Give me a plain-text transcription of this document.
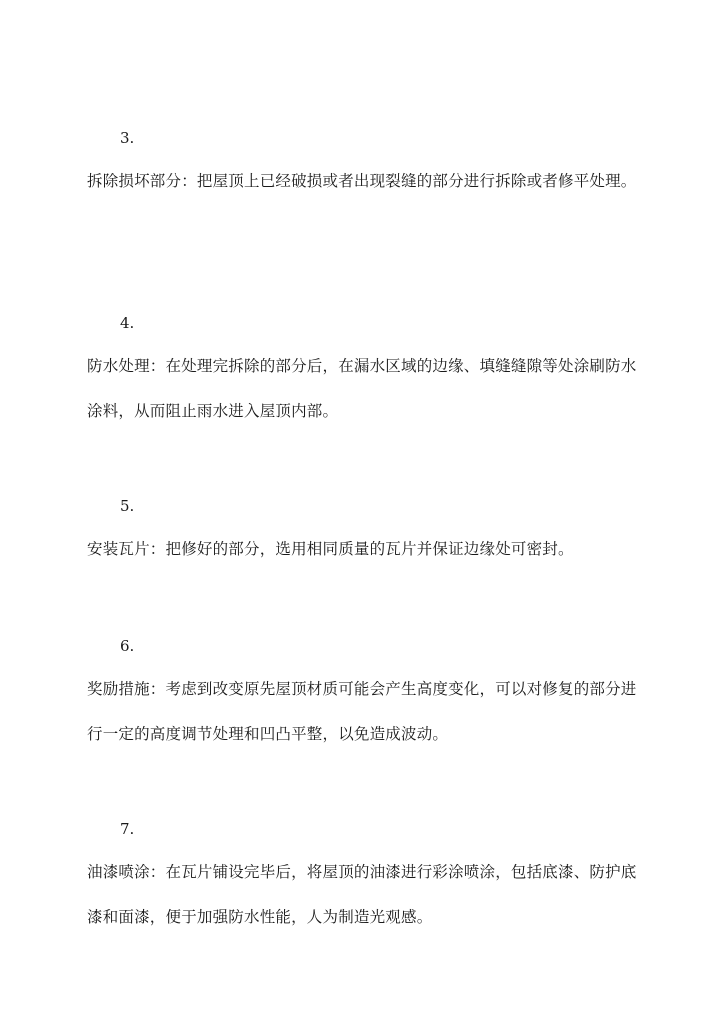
3.
拆除损坏部分：把屋顶上已经破损或者出现裂缝的部分进行拆除或者修平处理。
4.
防水处理：在处理完拆除的部分后，在漏水区域的边缘、填缝缝隙等处涂刷防水涂料，从而阻止雨水进入屋顶内部。
5.
安装瓦片：把修好的部分，选用相同质量的瓦片并保证边缘处可密封。
6.
奖励措施：考虑到改变原先屋顶材质可能会产生高度变化，可以对修复的部分进行一定的高度调节处理和凹凸平整，以免造成波动。
7.
油漆喷涂：在瓦片铺设完毕后，将屋顶的油漆进行彩涂喷涂，包括底漆、防护底漆和面漆，便于加强防水性能，人为制造光观感。
